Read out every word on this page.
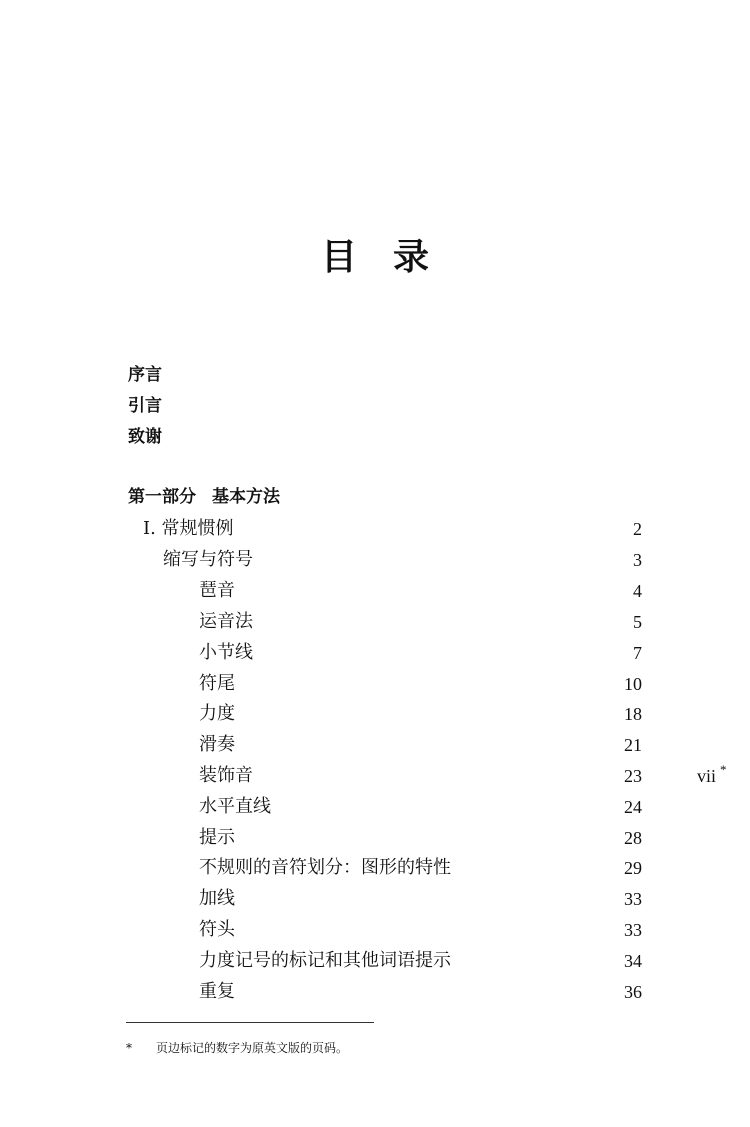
目　录
序言
引言
致谢
第一部分 基本方法
I. 常规惯例	2
缩写与符号	3
琶音	4
运音法	5
小节线	7
符尾	10
力度	18
滑奏	21
装饰音	23
水平直线	24
提示	28
不规则的音符划分：图形的特性	29
加线	33
符头	33
力度记号的标记和其他词语提示	34
重复	36
vii *
* 页边标记的数字为原英文版的页码。
